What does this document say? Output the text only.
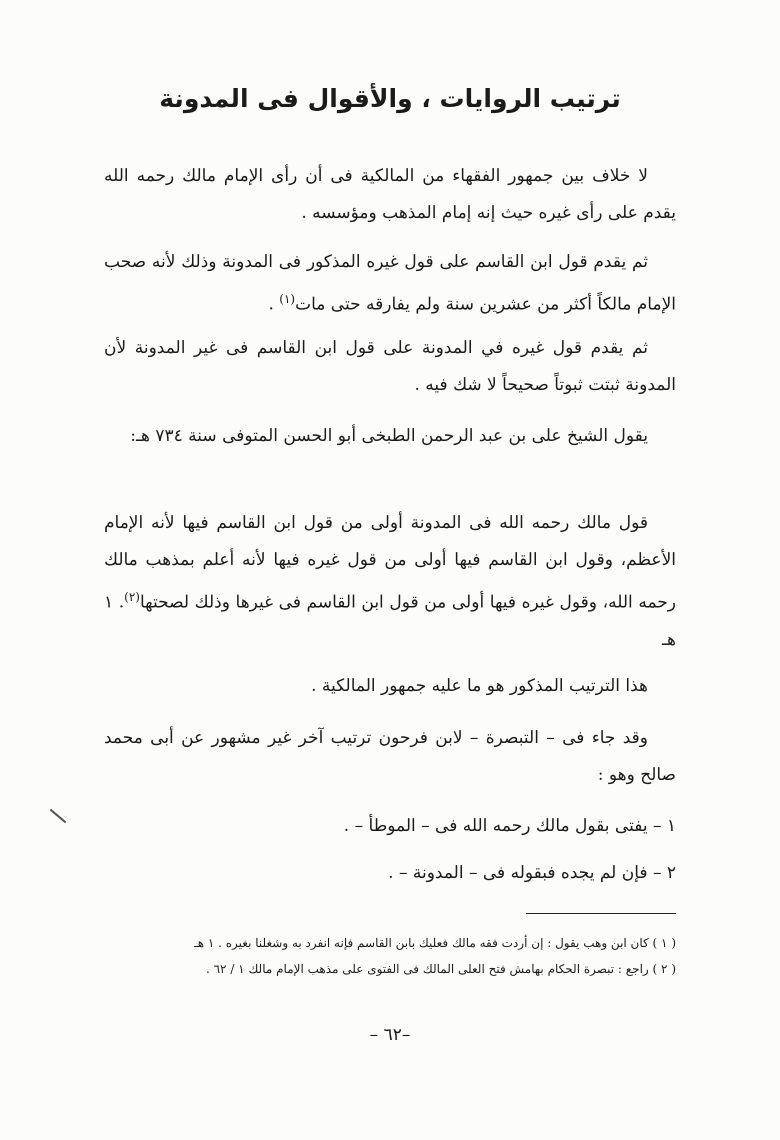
ترتيب الروايات ، والأقوال فى المدونة

لا خلاف بين جمهور الفقهاء من المالكية فى أن رأى الإمام مالك رحمه الله يقدم على رأى غيره حيث إنه إمام المذهب ومؤسسه .

ثم يقدم قول ابن القاسم على قول غيره المذكور فى المدونة وذلك لأنه صحب الإمام مالكاً أكثر من عشرين سنة ولم يفارقه حتى مات$^{(١)}$ .

ثم يقدم قول غيره في المدونة على قول ابن القاسم فى غير المدونة لأن المدونة ثبتت ثبوتاً صحيحاً لا شك فيه .

يقول الشيخ على بن عبد الرحمن الطبخى أبو الحسن المتوفى سنة ٧٣٤ هـ:

قول مالك رحمه الله فى المدونة أولى من قول ابن القاسم فيها لأنه الإمام الأعظم، وقول ابن القاسم فيها أولى من قول غيره فيها لأنه أعلم بمذهب مالك رحمه الله، وقول غيره فيها أولى من قول ابن القاسم فى غيرها وذلك لصحتها$^{(٢)}$. ١ هـ

هذا الترتيب المذكور هو ما عليه جمهور المالكية .

وقد جاء فى – التبصرة – لابن فرحون ترتيب آخر غير مشهور عن أبى محمد صالح وهو :

١ – يفتى بقول مالك رحمه الله فى – الموطأ – .

٢ – فإن لم يجده فبقوله فى – المدونة – .

( ١ ) كان ابن وهب يقول : إن أردت فقه مالك فعليك بابن القاسم فإنه انفرد به وشغلنا بغيره . ١ هـ

( ٢ ) راجع : تبصرة الحكام بهامش فتح العلى المالك فى الفتوى على مذهب الإمام مالك ١ / ٦٢ .

–٦٢ –
